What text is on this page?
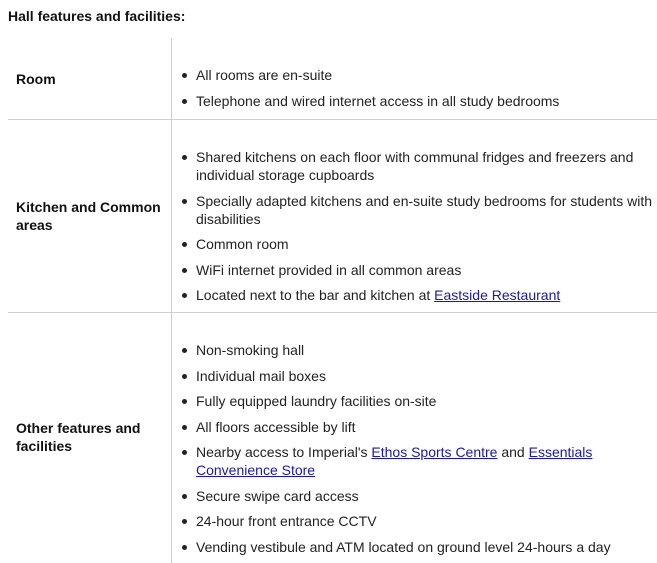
Hall features and facilities:
Room	All rooms are en-suite
Telephone and wired internet access in all study bedrooms
Kitchen and Common areas
Shared kitchens on each floor with communal fridges and freezers and individual storage cupboards
Specially adapted kitchens and en-suite study bedrooms for students with disabilities
Common room
WiFi internet provided in all common areas
Located next to the bar and kitchen at Eastside Restaurant
Other features and facilities
Non-smoking hall
Individual mail boxes
Fully equipped laundry facilities on-site
All floors accessible by lift
Nearby access to Imperial's Ethos Sports Centre and Essentials Convenience Store
Secure swipe card access
24-hour front entrance CCTV
Vending vestibule and ATM located on ground level 24-hours a day
